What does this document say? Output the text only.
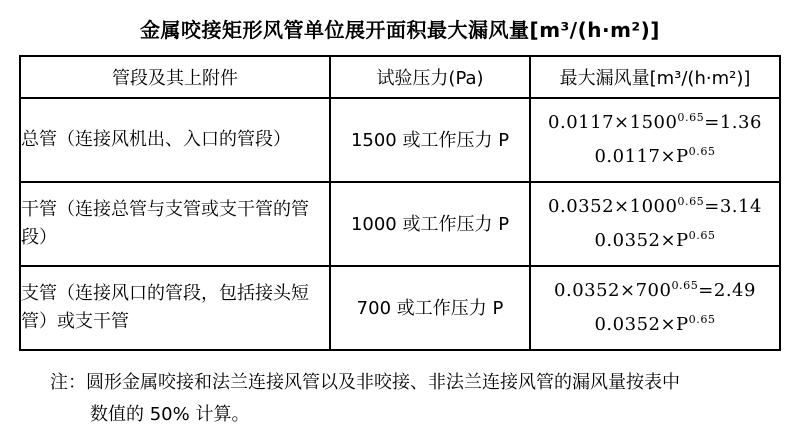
金属咬接矩形风管单位展开面积最大漏风量[m³/(h·m²)]
管段及其上附件	试验压力(Pa)	最大漏风量[m³/(h·m²)]
总管（连接风机出、入口的管段）	1500 或工作压力 P	$0.0117\times 1500^{0.65}=1.36$
$0.0117\times P^{0.65}$

干管（连接总管与支管或支干管的管段）	1000 或工作压力 P	$0.0352\times 1000^{0.65}=3.14$
$0.0352\times P^{0.65}$

支管（连接风口的管段，包括接头短管）或支干管	700 或工作压力 P	$0.0352\times 700^{0.65}=2.49$
$0.0352\times P^{0.65}$
注：圆形金属咬接和法兰连接风管以及非咬接、非法兰连接风管的漏风量按表中
数值的 50% 计算。
